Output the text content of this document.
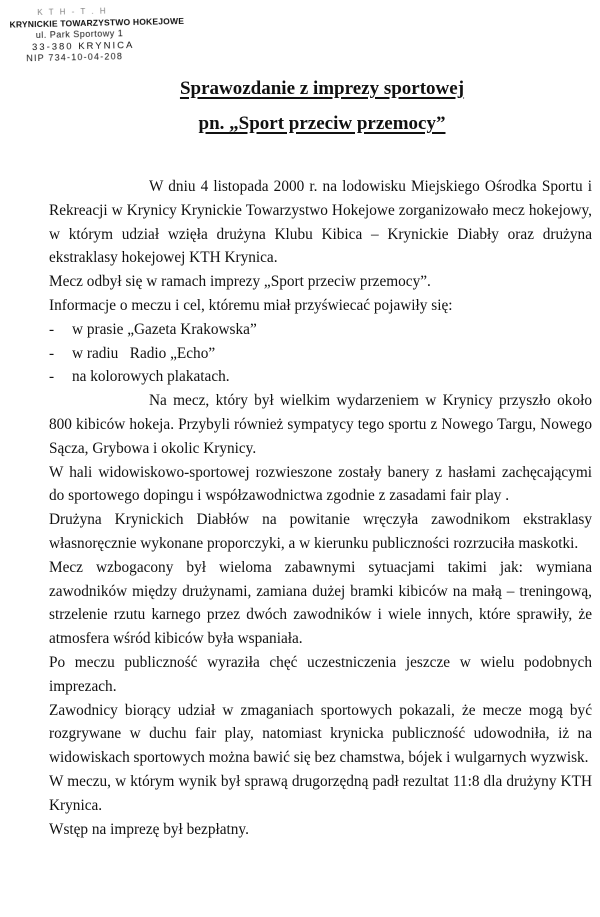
K T H - T . H
KRYNICKIE TOWARZYSTWO HOKEJOWE
ul. Park Sportowy 1
33-380 KRYNICA
NIP 734-10-04-208
Sprawozdanie z imprezy sportowej
pn. „Sport przeciw przemocy”

W dniu 4 listopada 2000 r. na lodowisku Miejskiego Ośrodka Sportu i Rekreacji w Krynicy Krynickie Towarzystwo Hokejowe zorganizowało mecz hokejowy, w którym udział wzięła drużyna Klubu Kibica – Krynickie Diabły oraz drużyna ekstraklasy hokejowej KTH Krynica.

Mecz odbył się w ramach imprezy „Sport przeciw przemocy”.

Informacje o meczu i cel, któremu miał przyświecać pojawiły się:

- w prasie „Gazeta Krakowska”
- w radiu   Radio „Echo”
- na kolorowych plakatach.

Na mecz, który był wielkim wydarzeniem w Krynicy przyszło około 800 kibiców hokeja. Przybyli również sympatycy tego sportu z Nowego Targu, Nowego Sącza, Grybowa i okolic Krynicy.

W hali widowiskowo-sportowej rozwieszone zostały banery z hasłami zachęcającymi do sportowego dopingu i współzawodnictwa zgodnie z zasadami fair play .

Drużyna Krynickich Diabłów na powitanie wręczyła zawodnikom ekstraklasy własnoręcznie wykonane proporczyki, a w kierunku publiczności rozrzuciła maskotki.

Mecz wzbogacony był wieloma zabawnymi sytuacjami takimi jak: wymiana zawodników między drużynami, zamiana dużej bramki kibiców na małą – treningową, strzelenie rzutu karnego przez dwóch zawodników i wiele innych, które sprawiły, że atmosfera wśród kibiców była wspaniała.

Po meczu publiczność wyraziła chęć uczestniczenia jeszcze w wielu podobnych imprezach.

Zawodnicy biorący udział w zmaganiach sportowych pokazali, że mecze mogą być rozgrywane w duchu fair play, natomiast krynicka publiczność udowodniła, iż na widowiskach sportowych można bawić się bez chamstwa, bójek i wulgarnych wyzwisk.

W meczu, w którym wynik był sprawą drugorzędną padł rezultat 11:8 dla drużyny KTH Krynica.

Wstęp na imprezę był bezpłatny.
